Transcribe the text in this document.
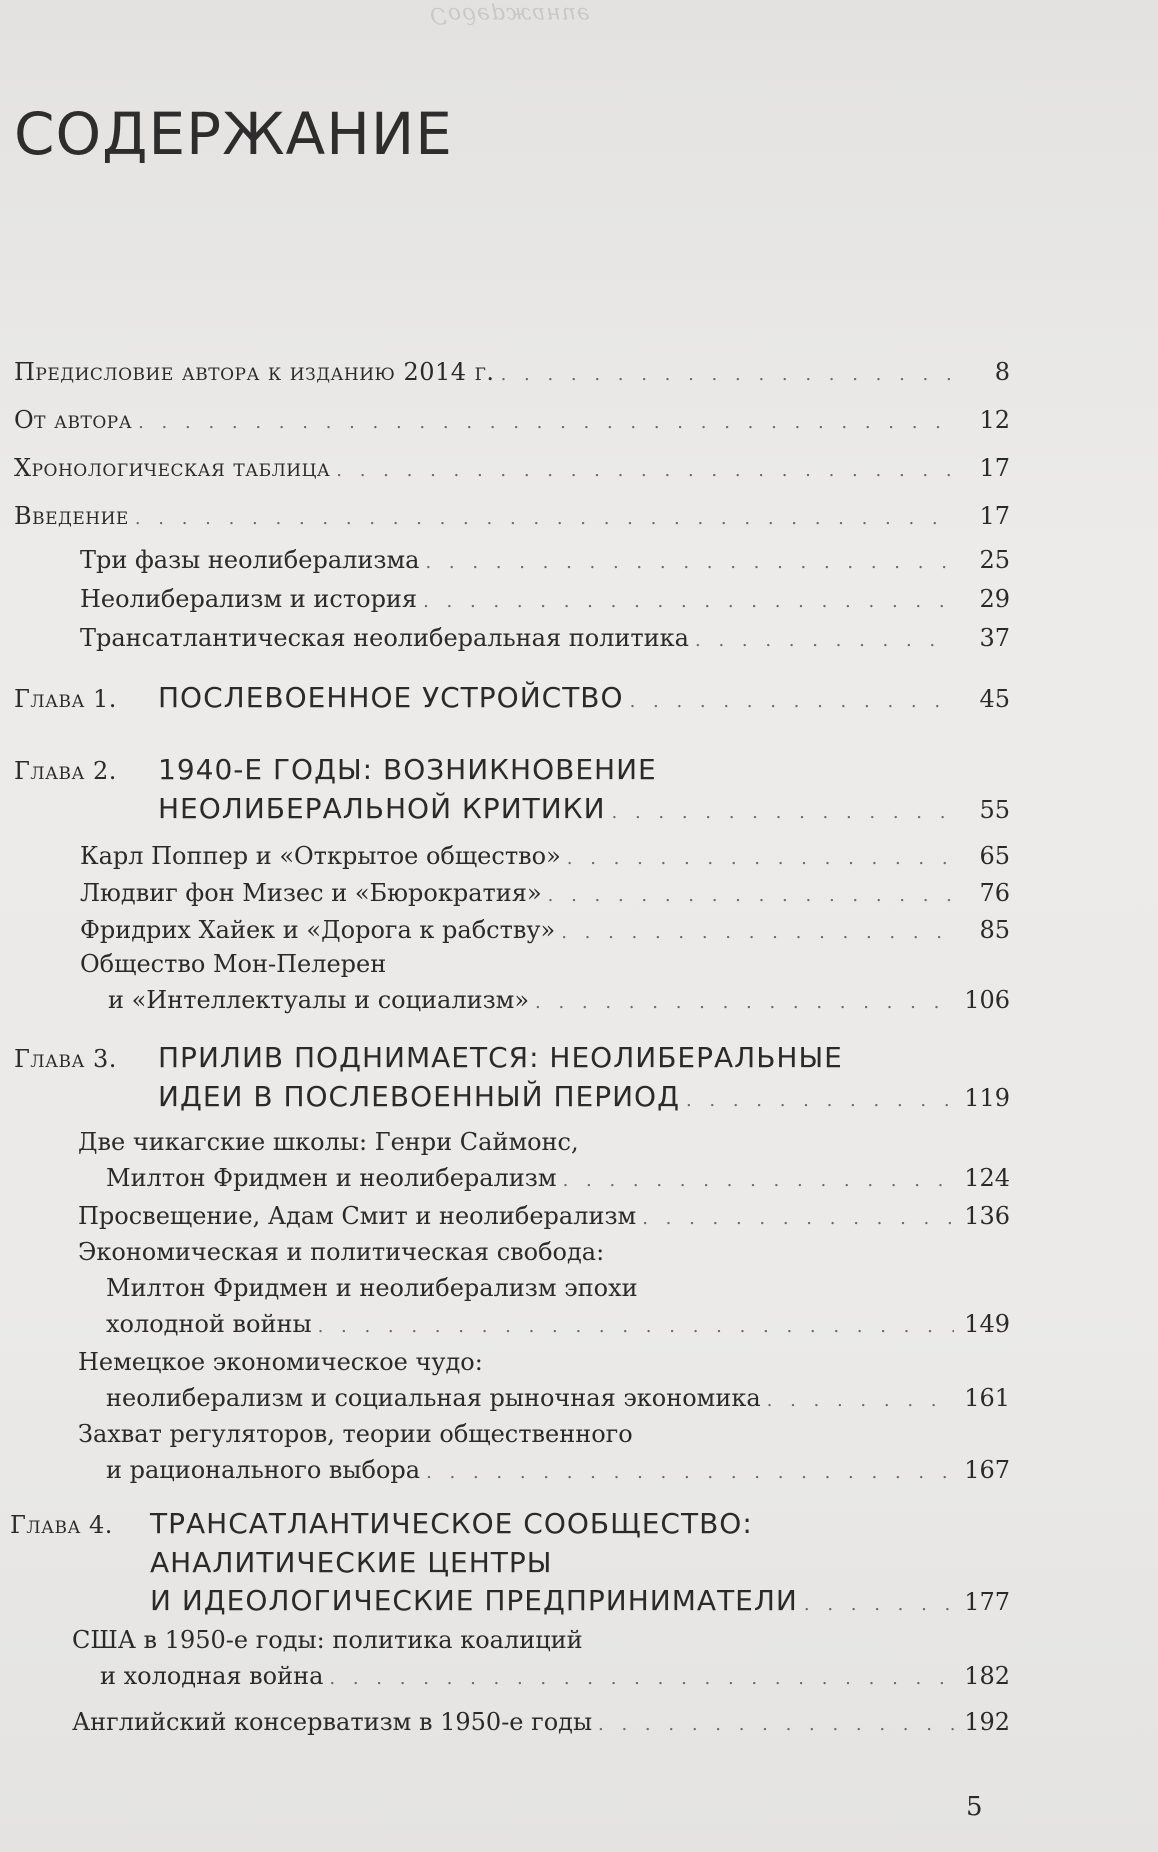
Содержание
СОДЕРЖАНИЕ
Предисловие автора к изданию 2014 г. . . .	8
От автора . . .	12
Хронологическая таблица . . .	17
Введение . . .	17
Три фазы неолиберализма . . .	25
Неолиберализм и история . . .	29
Трансатлантическая неолиберальная политика . . .	37
Глава 1.	ПОСЛЕВОЕННОЕ УСТРОЙСТВО . . .	45
Глава 2.	1940-Е ГОДЫ: ВОЗНИКНОВЕНИЕ
НЕОЛИБЕРАЛЬНОЙ КРИТИКИ . . .	55
Карл Поппер и «Открытое общество» . . .	65
Людвиг фон Мизес и «Бюрократия» . . .	76
Фридрих Хайек и «Дорога к рабству» . . .	85
Общество Мон-Пелерен
и «Интеллектуалы и социализм» . . .	106
Глава 3.	ПРИЛИВ ПОДНИМАЕТСЯ: НЕОЛИБЕРАЛЬНЫЕ
ИДЕИ В ПОСЛЕВОЕННЫЙ ПЕРИОД . . .	119
Две чикагские школы: Генри Саймонс,
Милтон Фридмен и неолиберализм . . .	124
Просвещение, Адам Смит и неолиберализм . . .	136
Экономическая и политическая свобода:
Милтон Фридмен и неолиберализм эпохи
холодной войны . . .	149
Немецкое экономическое чудо:
неолиберализм и социальная рыночная экономика . . .	161
Захват регуляторов, теории общественного
и рационального выбора . . .	167
Глава 4.	ТРАНСАТЛАНТИЧЕСКОЕ СООБЩЕСТВО:
АНАЛИТИЧЕСКИЕ ЦЕНТРЫ
И ИДЕОЛОГИЧЕСКИЕ ПРЕДПРИНИМАТЕЛИ . . .	177
США в 1950-е годы: политика коалиций
и холодная война . . .	182
Английский консерватизм в 1950-е годы . . .	192
5
